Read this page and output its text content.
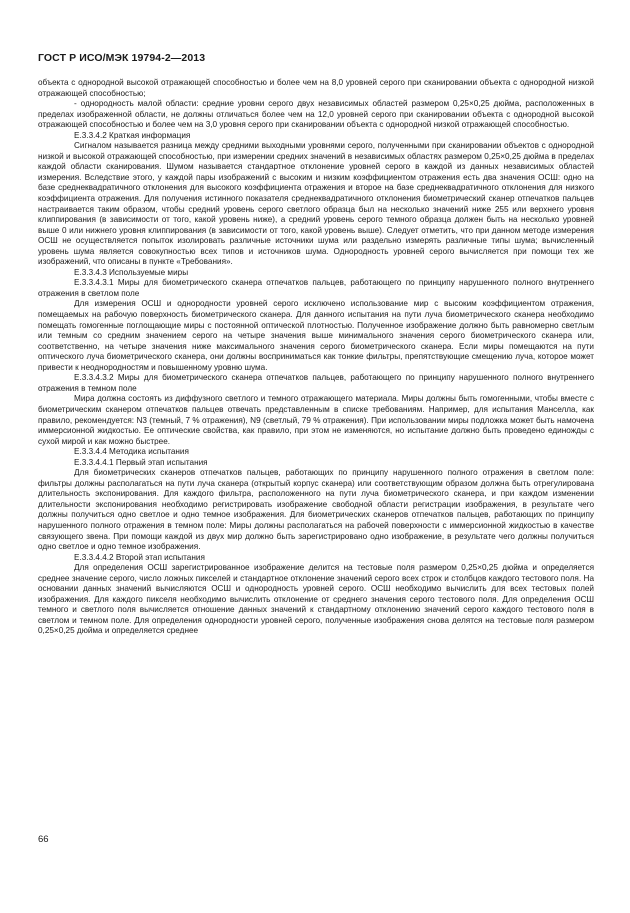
ГОСТ Р ИСО/МЭК 19794-2—2013

объекта с однородной высокой отражающей способностью и более чем на 8,0 уровней серого при сканировании объекта с однородной низкой отражающей способностью;

- однородность малой области: средние уровни серого двух независимых областей размером 0,25×0,25 дюйма, расположенных в пределах изображенной области, не должны отличаться более чем на 12,0 уровней серого при сканировании объекта с однородной высокой отражающей способностью и более чем на 3,0 уровня серого при сканировании объекта с однородной низкой отражающей способностью.

Е.3.3.4.2 Краткая информация

Сигналом называется разница между средними выходными уровнями серого, полученными при сканировании объектов с однородной низкой и высокой отражающей способностью, при измерении средних значений в независимых областях размером 0,25×0,25 дюйма в пределах каждой области сканирования. Шумом называется стандартное отклонение уровней серого в каждой из данных независимых областей измерения. Вследствие этого, у каждой пары изображений с высоким и низким коэффициентом отражения есть два значения ОСШ: одно на базе среднеквадратичного отклонения для высокого коэффициента отражения и второе на базе среднеквадратичного отклонения для низкого коэффициента отражения. Для получения истинного показателя среднеквадратичного отклонения биометрический сканер отпечатков пальцев настраивается таким образом, чтобы средний уровень серого светлого образца был на несколько значений ниже 255 или верхнего уровня клиппирования (в зависимости от того, какой уровень ниже), а средний уровень серого темного образца должен быть на несколько уровней выше 0 или нижнего уровня клиппирования (в зависимости от того, какой уровень выше). Следует отметить, что при данном методе измерения ОСШ не осуществляется попыток изолировать различные источники шума или раздельно измерять различные типы шума; вычисленный уровень шума является совокупностью всех типов и источников шума. Однородность уровней серого вычисляется при помощи тех же изображений, что описаны в пункте «Требования».

Е.3.3.4.3 Используемые миры

Е.3.3.4.3.1 Миры для биометрического сканера отпечатков пальцев, работающего по принципу нарушенного полного внутреннего отражения в светлом поле

Для измерения ОСШ и однородности уровней серого исключено использование мир с высоким коэффициентом отражения, помещаемых на рабочую поверхность биометрического сканера. Для данного испытания на пути луча биометрического сканера необходимо помещать гомогенные поглощающие миры с постоянной оптической плотностью. Полученное изображение должно быть равномерно светлым или темным со средним значением серого на четыре значения выше минимального значения серого биометрического сканера или, соответственно, на четыре значения ниже максимального значения серого биометрического сканера. Если миры помещаются на пути оптического луча биометрического сканера, они должны восприниматься как тонкие фильтры, препятствующие смещению луча, которое может привести к неоднородностям и повышенному уровню шума.

Е.3.3.4.3.2 Миры для биометрического сканера отпечатков пальцев, работающего по принципу нарушенного полного внутреннего отражения в темном поле

Мира должна состоять из диффузного светлого и темного отражающего материала. Миры должны быть гомогенными, чтобы вместе с биометрическим сканером отпечатков пальцев отвечать представленным в списке требованиям. Например, для испытания Манселла, как правило, рекомендуется: N3 (темный, 7 % отражения), N9 (светлый, 79 % отражения). При использовании миры подложка может быть намочена иммерсионной жидкостью. Ее оптические свойства, как правило, при этом не изменяются, но испытание должно быть проведено единожды с сухой мирой и как можно быстрее.

Е.3.3.4.4 Методика испытания

Е.3.3.4.4.1 Первый этап испытания

Для биометрических сканеров отпечатков пальцев, работающих по принципу нарушенного полного отражения в светлом поле: фильтры должны располагаться на пути луча сканера (открытый корпус сканера) или соответствующим образом должна быть отрегулирована длительность экспонирования. Для каждого фильтра, расположенного на пути луча биометрического сканера, и при каждом изменении длительности экспонирования необходимо регистрировать изображение свободной области регистрации изображения, в результате чего должны получиться одно светлое и одно темное изображения. Для биометрических сканеров отпечатков пальцев, работающих по принципу нарушенного полного отражения в темном поле: Миры должны располагаться на рабочей поверхности с иммерсионной жидкостью в качестве связующего звена. При помощи каждой из двух мир должно быть зарегистрировано одно изображение, в результате чего должны получиться одно светлое и одно темное изображения.

Е.3.3.4.4.2 Второй этап испытания

Для определения ОСШ зарегистрированное изображение делится на тестовые поля размером 0,25×0,25 дюйма и определяется среднее значение серого, число ложных пикселей и стандартное отклонение значений серого всех строк и столбцов каждого тестового поля. На основании данных значений вычисляются ОСШ и однородность уровней серого. ОСШ необходимо вычислить для всех тестовых полей изображения. Для каждого пикселя необходимо вычислить отклонение от среднего значения серого тестового поля. Для определения ОСШ темного и светлого поля вычисляется отношение данных значений к стандартному отклонению значений серого каждого тестового поля в светлом и темном поле. Для определения однородности уровней серого, полученные изображения снова делятся на тестовые поля размером 0,25×0,25 дюйма и определяется среднее

66
